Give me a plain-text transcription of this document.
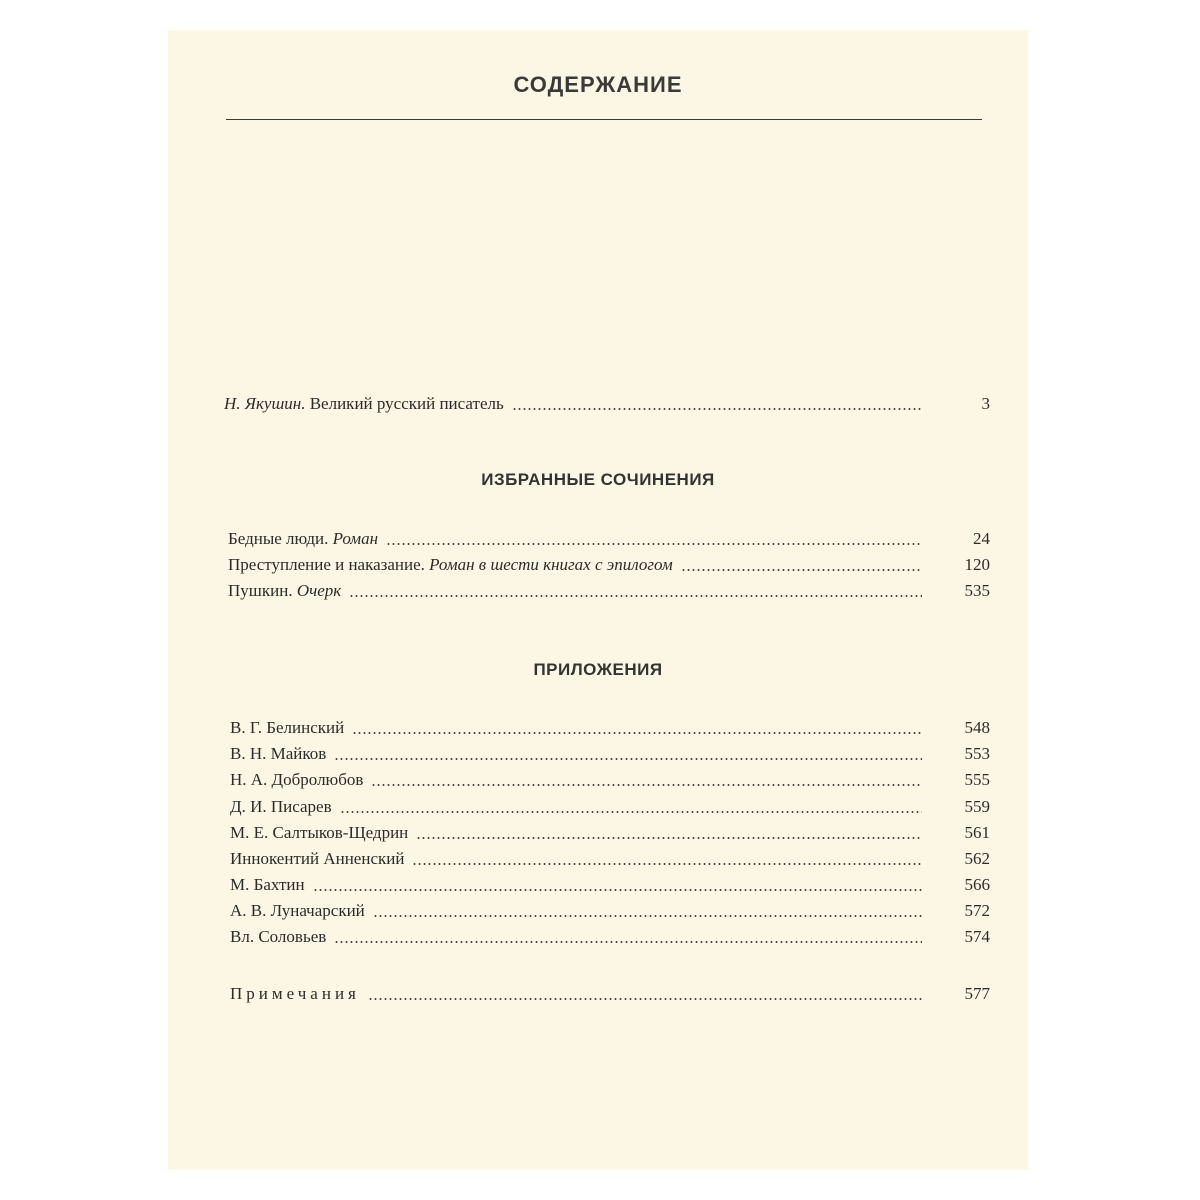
СОДЕРЖАНИЕ
Н. Якушин. Великий русский писатель	3
ИЗБРАННЫЕ СОЧИНЕНИЯ
Бедные люди. Роман	24
Преступление и наказание. Роман в шести книгах с эпилогом	120
Пушкин. Очерк	535
ПРИЛОЖЕНИЯ
В. Г. Белинский	548
В. Н. Майков	553
Н. А. Добролюбов	555
Д. И. Писарев	559
М. Е. Салтыков-Щедрин	561
Иннокентий Анненский	562
М. Бахтин	566
А. В. Луначарский	572
Вл. Соловьев	574
Примечания	577
